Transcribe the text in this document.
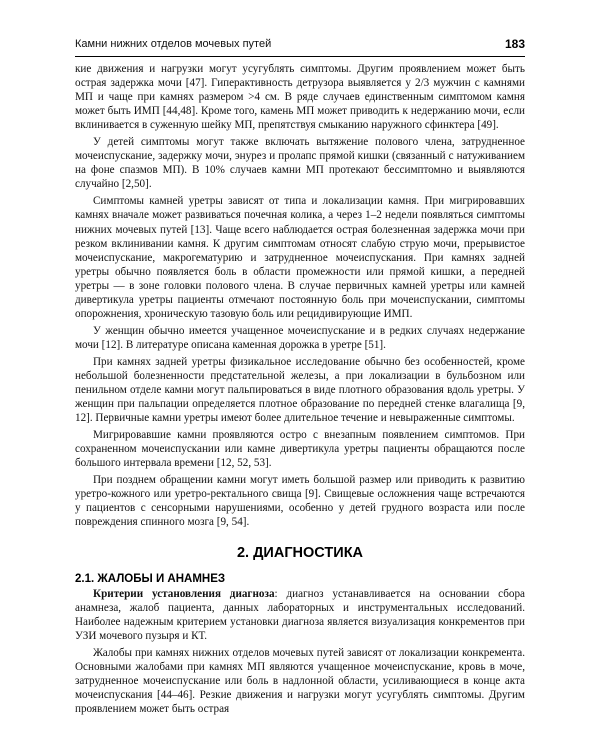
Камни нижних отделов мочевых путей	183

кие движения и нагрузки могут усугублять симптомы. Другим проявлением может быть острая задержка мочи [47]. Гиперактивность детрузора выявляется у 2/3 мужчин с камнями МП и чаще при камнях размером >4 см. В ряде случаев единственным симптомом камня может быть ИМП [44,48]. Кроме того, камень МП может приводить к недержанию мочи, если вклинивается в суженную шейку МП, препятствуя смыканию наружного сфинктера [49].

У детей симптомы могут также включать вытяжение полового члена, затрудненное мочеиспускание, задержку мочи, энурез и пролапс прямой кишки (связанный с натуживанием на фоне спазмов МП). В 10% случаев камни МП протекают бессимптомно и выявляются случайно [2,50].

Симптомы камней уретры зависят от типа и локализации камня. При мигрировавших камнях вначале может развиваться почечная колика, а через 1–2 недели появляться симптомы нижних мочевых путей [13]. Чаще всего наблюдается острая болезненная задержка мочи при резком вклинивании камня. К другим симптомам относят слабую струю мочи, прерывистое мочеиспускание, макрогематурию и затрудненное мочеиспускания. При камнях задней уретры обычно появляется боль в области промежности или прямой кишки, а передней уретры — в зоне головки полового члена. В случае первичных камней уретры или камней дивертикула уретры пациенты отмечают постоянную боль при мочеиспускании, симптомы опорожнения, хроническую тазовую боль или рецидивирующие ИМП.

У женщин обычно имеется учащенное мочеиспускание и в редких случаях недержание мочи [12]. В литературе описана каменная дорожка в уретре [51].

При камнях задней уретры физикальное исследование обычно без особенностей, кроме небольшой болезненности предстательной железы, а при локализации в бульбозном или пенильном отделе камни могут пальпироваться в виде плотного образования вдоль уретры. У женщин при пальпации определяется плотное образование по передней стенке влагалища [9, 12]. Первичные камни уретры имеют более длительное течение и невыраженные симптомы.

Мигрировавшие камни проявляются остро с внезапным появлением симптомов. При сохраненном мочеиспускании или камне дивертикула уретры пациенты обращаются после большого интервала времени [12, 52, 53].

При позднем обращении камни могут иметь большой размер или приводить к развитию уретро-кожного или уретро-ректального свища [9]. Свищевые осложнения чаще встречаются у пациентов с сенсорными нарушениями, особенно у детей грудного возраста или после повреждения спинного мозга [9, 54].

2. ДИАГНОСТИКА
2.1. ЖАЛОБЫ И АНАМНЕЗ

Критерии установления диагноза: диагноз устанавливается на основании сбора анамнеза, жалоб пациента, данных лабораторных и инструментальных исследований. Наиболее надежным критерием установки диагноза является визуализация конкрементов при УЗИ мочевого пузыря и КТ.

Жалобы при камнях нижних отделов мочевых путей зависят от локализации конкремента. Основными жалобами при камнях МП являются учащенное мочеиспускание, кровь в моче, затрудненное мочеиспускание или боль в надлонной области, усиливающиеся в конце акта мочеиспускания [44–46]. Резкие движения и нагрузки могут усугублять симптомы. Другим проявлением может быть острая
